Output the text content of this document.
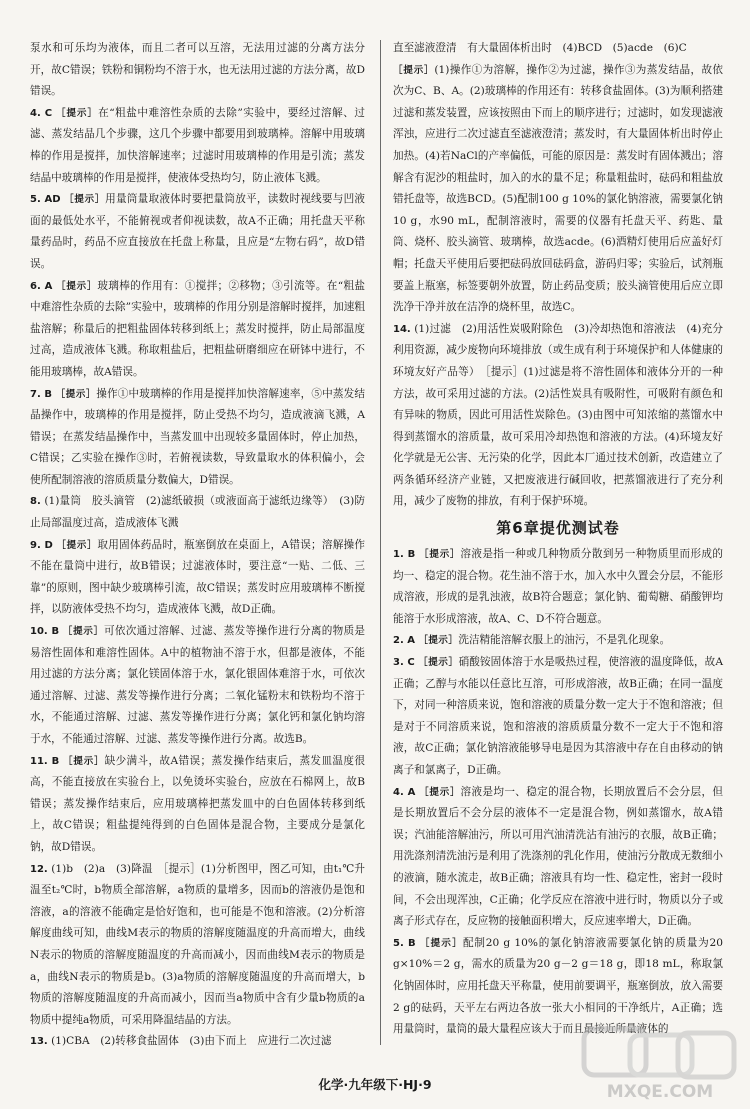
泵水和可乐均为液体，而且二者可以互溶，无法用过滤的分离方法分开，故C错误；铁粉和铜粉均不溶于水，也无法用过滤的方法分离，故D错误。

4. C ［提示］在“粗盐中难溶性杂质的去除”实验中，要经过溶解、过滤、蒸发结晶几个步骤，这几个步骤中都要用到玻璃棒。溶解中用玻璃棒的作用是搅拌，加快溶解速率；过滤时用玻璃棒的作用是引流；蒸发结晶中玻璃棒的作用是搅拌，使液体受热均匀，防止液体飞溅。

5. AD ［提示］用量筒量取液体时要把量筒放平，读数时视线要与凹液面的最低处水平，不能俯视或者仰视读数，故A不正确；用托盘天平称量药品时，药品不应直接放在托盘上称量，且应是“左物右码”，故D错误。

6. A ［提示］玻璃棒的作用有：①搅拌；②移物；③引流等。在“粗盐中难溶性杂质的去除”实验中，玻璃棒的作用分别是溶解时搅拌，加速粗盐溶解；称量后的把粗盐固体转移到纸上；蒸发时搅拌，防止局部温度过高，造成液体飞溅。称取粗盐后，把粗盐研磨细应在研钵中进行，不能用玻璃棒，故A错误。

7. B ［提示］操作①中玻璃棒的作用是搅拌加快溶解速率，⑤中蒸发结晶操作中，玻璃棒的作用是搅拌，防止受热不均匀，造成液滴飞溅，A错误；在蒸发结晶操作中，当蒸发皿中出现较多量固体时，停止加热，C错误；乙实验在操作③时，若俯视读数，导致量取水的体积偏小，会使所配制溶液的溶质质量分数偏大，D错误。

8. (1)量筒　胶头滴管　(2)滤纸破损（或液面高于滤纸边缘等）　(3)防止局部温度过高，造成液体飞溅

9. D ［提示］取用固体药品时，瓶塞倒放在桌面上，A错误；溶解操作不能在量筒中进行，故B错误；过滤液体时，要注意“一贴、二低、三靠”的原则，图中缺少玻璃棒引流，故C错误；蒸发时应用玻璃棒不断搅拌，以防液体受热不均匀，造成液体飞溅，故D正确。

10. B ［提示］可依次通过溶解、过滤、蒸发等操作进行分离的物质是易溶性固体和难溶性固体。A中的植物油不溶于水，但都是液体，不能用过滤的方法分离；氯化镁固体溶于水，氯化银固体难溶于水，可依次通过溶解、过滤、蒸发等操作进行分离；二氧化锰粉末和铁粉均不溶于水，不能通过溶解、过滤、蒸发等操作进行分离；氯化钙和氯化钠均溶于水，不能通过溶解、过滤、蒸发等操作进行分离。故选B。

11. B ［提示］缺少满斗，故A错误；蒸发操作结束后，蒸发皿温度很高，不能直接放在实验台上，以免烫坏实验台，应放在石棉网上，故B错误；蒸发操作结束后，应用玻璃棒把蒸发皿中的白色固体转移到纸上，故C错误；粗盐提纯得到的白色固体是混合物，主要成分是氯化钠，故D错误。

12. (1)b　(2)a　(3)降温　［提示］(1)分析图甲，图乙可知，由t₁℃升温至t₂℃时，b物质全部溶解，a物质的量增多，因而b的溶液仍是饱和溶液，a的溶液不能确定是恰好饱和，也可能是不饱和溶液。(2)分析溶解度曲线可知，曲线M表示的物质的溶解度随温度的升高而增大，曲线N表示的物质的溶解度随温度的升高而减小，因而曲线M表示的物质是a，曲线N表示的物质是b。(3)a物质的溶解度随温度的升高而增大，b物质的溶解度随温度的升高而减小，因而当a物质中含有少量b物质的a物质中提纯a物质，可采用降温结晶的方法。

13. (1)CBA　(2)转移食盐固体　(3)由下而上　应进行二次过滤

直至滤液澄清　有大量固体析出时　(4)BCD　(5)acde　(6)C

［提示］(1)操作①为溶解，操作②为过滤，操作③为蒸发结晶，故依次为C、B、A。(2)玻璃棒的作用还有：转移食盐固体。(3)为顺利搭建过滤和蒸发装置，应该按照由下而上的顺序进行；过滤时，如发现滤液浑浊，应进行二次过滤直至滤液澄清；蒸发时，有大量固体析出时停止加热。(4)若NaCl的产率偏低，可能的原因是：蒸发时有固体溅出；溶解含有泥沙的粗盐时，加入的水的量不足；称量粗盐时，砝码和粗盐放错托盘等，故选BCD。(5)配制100 g 10%的氯化钠溶液，需要氯化钠10 g，水90 mL，配制溶液时，需要的仪器有托盘天平、药匙、量筒、烧杯、胶头滴管、玻璃棒，故选acde。(6)酒精灯使用后应盖好灯帽；托盘天平使用后要把砝码放回砝码盒，游码归零；实验后，试剂瓶要盖上瓶塞，标签要朝外放置，防止药品变质；胶头滴管使用后应立即洗净干净并放在洁净的烧杯里，故选C。

14. (1)过滤　(2)用活性炭吸附除色　(3)冷却热饱和溶液法　(4)充分利用资源，减少废物向环境排放（或生成有利于环境保护和人体健康的环境友好产品等）　［提示］(1)过滤是将不溶性固体和液体分开的一种方法，故可采用过滤的方法。(2)活性炭具有吸附性，可吸附有颜色和有异味的物质，因此可用活性炭除色。(3)由图中可知浓缩的蒸馏水中得到蒸馏水的溶质量，故可采用冷却热饱和溶液的方法。(4)环境友好化学就是无公害、无污染的化学，因此本厂通过技术创新，改造建立了两条循环经济产业链，又把废液进行碱回收，把蒸馏液进行了充分利用，减少了废物的排放，有利于保护环境。

第6章提优测试卷

1. B ［提示］溶液是指一种或几种物质分散到另一种物质里而形成的均一、稳定的混合物。花生油不溶于水，加入水中久置会分层，不能形成溶液，形成的是乳浊液，故B符合题意；氯化钠、葡萄糖、硝酸钾均能溶于水形成溶液，故A、C、D不符合题意。

2. A ［提示］洗洁精能溶解衣服上的油污，不是乳化现象。

3. C ［提示］硝酸铵固体溶于水是吸热过程，使溶液的温度降低，故A正确；乙醇与水能以任意比互溶，可形成溶液，故B正确；在同一温度下，对同一种溶质来说，饱和溶液的质量分数一定大于不饱和溶液；但是对于不同溶质来说，饱和溶液的溶质质量分数不一定大于不饱和溶液，故C正确；氯化钠溶液能够导电是因为其溶液中存在自由移动的钠离子和氯离子，D正确。

4. A ［提示］溶液是均一、稳定的混合物，长期放置后不会分层，但是长期放置后不会分层的液体不一定是混合物，例如蒸馏水，故A错误；汽油能溶解油污，所以可用汽油清洗沾有油污的衣服，故B正确；用洗涤剂清洗油污是利用了洗涤剂的乳化作用，使油污分散成无数细小的液滴，随水流走，故B正确；溶液具有均一性、稳定性，密封一段时间，不会出现浑浊，C正确；化学反应在溶液中进行时，物质以分子或离子形式存在，反应物的接触面积增大，反应速率增大，D正确。

5. B ［提示］配制20 g 10%的氯化钠溶液需要氯化钠的质量为20 g×10%＝2 g，需水的质量为20 g－2 g＝18 g，即18 mL，称取氯化钠固体时，应用托盘天平称量，使用前要调平，瓶塞倒放，放入需要2 g的砝码，天平左右两边各放一张大小相同的干净纸片，A正确；选用量筒时，量筒的最大量程应该大于而且最接近所量液体的

化学·九年级下·HJ·9	MXQE.COM
